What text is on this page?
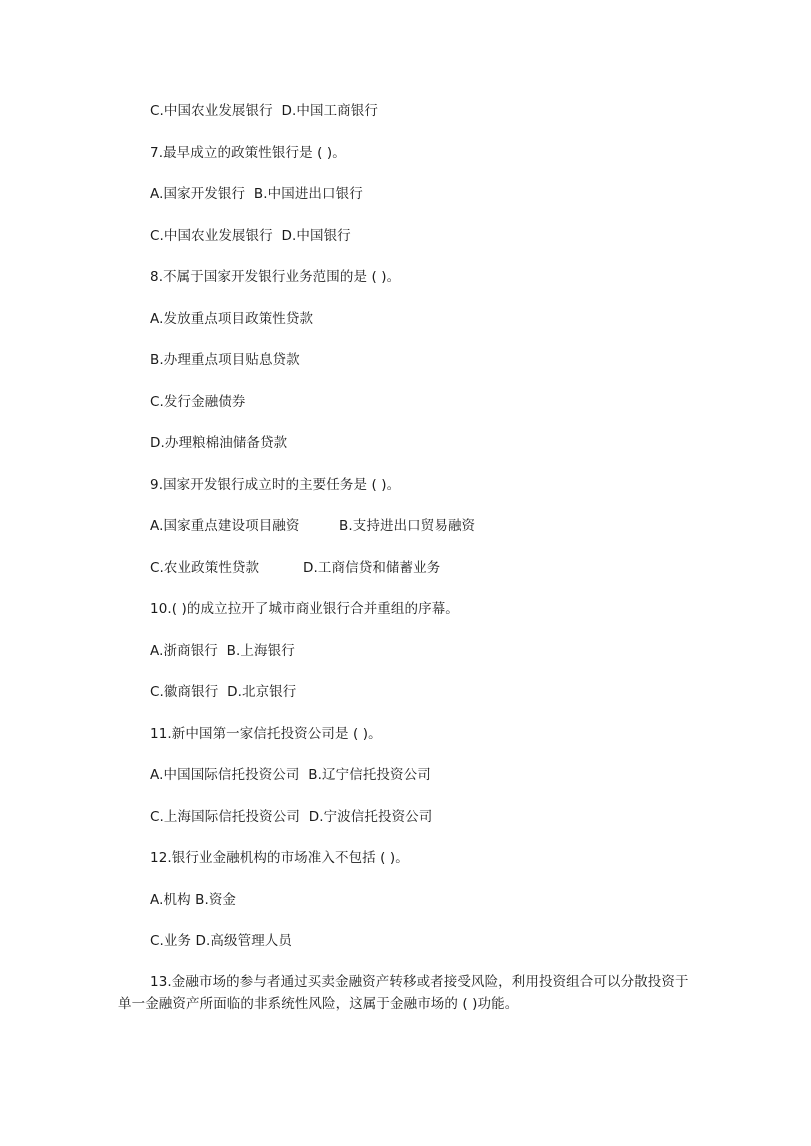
C.中国农业发展银行  D.中国工商银行
7.最早成立的政策性银行是 ( )。
A.国家开发银行  B.中国进出口银行
C.中国农业发展银行  D.中国银行
8.不属于国家开发银行业务范围的是 ( )。
A.发放重点项目政策性贷款
B.办理重点项目贴息贷款
C.发行金融债券
D.办理粮棉油储备贷款
9.国家开发银行成立时的主要任务是 ( )。
A.国家重点建设项目融资         B.支持进出口贸易融资
C.农业政策性贷款          D.工商信贷和储蓄业务
10.( )的成立拉开了城市商业银行合并重组的序幕。
A.浙商银行  B.上海银行
C.徽商银行  D.北京银行
11.新中国第一家信托投资公司是 ( )。
A.中国国际信托投资公司  B.辽宁信托投资公司
C.上海国际信托投资公司  D.宁波信托投资公司
12.银行业金融机构的市场准入不包括 ( )。
A.机构 B.资金
C.业务 D.高级管理人员
13.金融市场的参与者通过买卖金融资产转移或者接受风险，利用投资组合可以分散投资于单一金融资产所面临的非系统性风险，这属于金融市场的 ( )功能。
